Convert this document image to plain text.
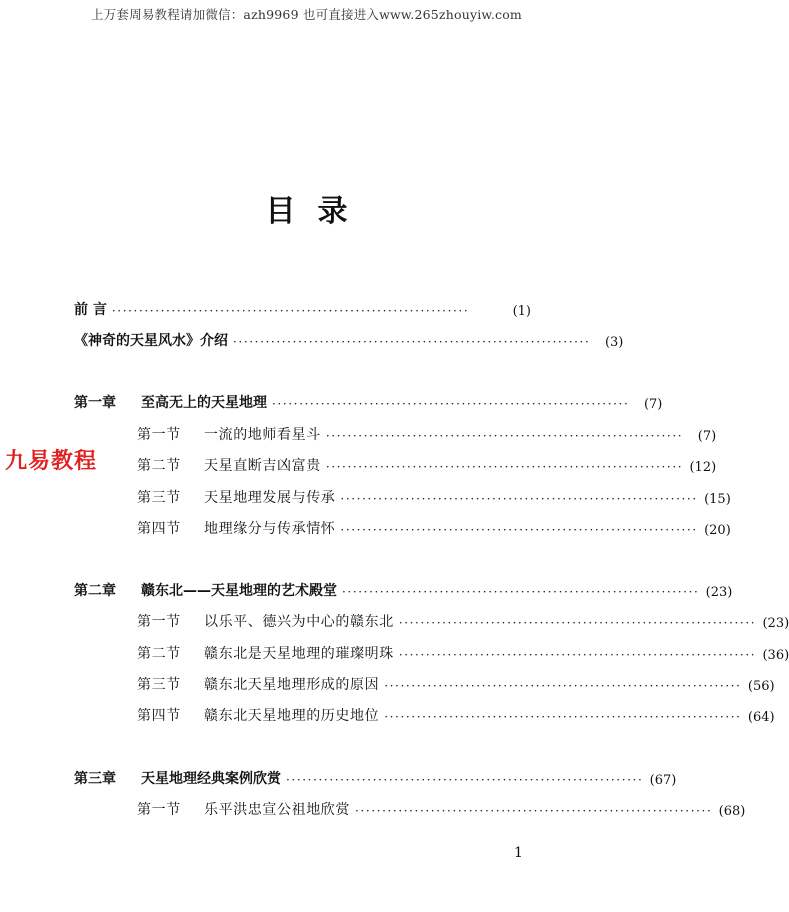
上万套周易教程请加微信：azh9969 也可直接进入www.265zhouyiw.com
目录
九易教程
前 言 ··································································	(1)
《神奇的天星风水》介绍 ··································································	(3)
第一章 至高无上的天星地理 ··································································	(7)
第一节 一流的地师看星斗 ··································································	(7)
第二节 天星直断吉凶富贵 ·································································· (12)
第三节 天星地理发展与传承 ·································································· (15)
第四节 地理缘分与传承情怀 ·································································· (20)
第二章 赣东北——天星地理的艺术殿堂 ·································································· (23)
第一节 以乐平、德兴为中心的赣东北 ·································································· (23)
第二节 赣东北是天星地理的璀璨明珠 ·································································· (36)
第三节 赣东北天星地理形成的原因 ·································································· (56)
第四节 赣东北天星地理的历史地位 ·································································· (64)
第三章 天星地理经典案例欣赏 ·································································· (67)
第一节 乐平洪忠宣公祖地欣赏 ·································································· (68)
1
